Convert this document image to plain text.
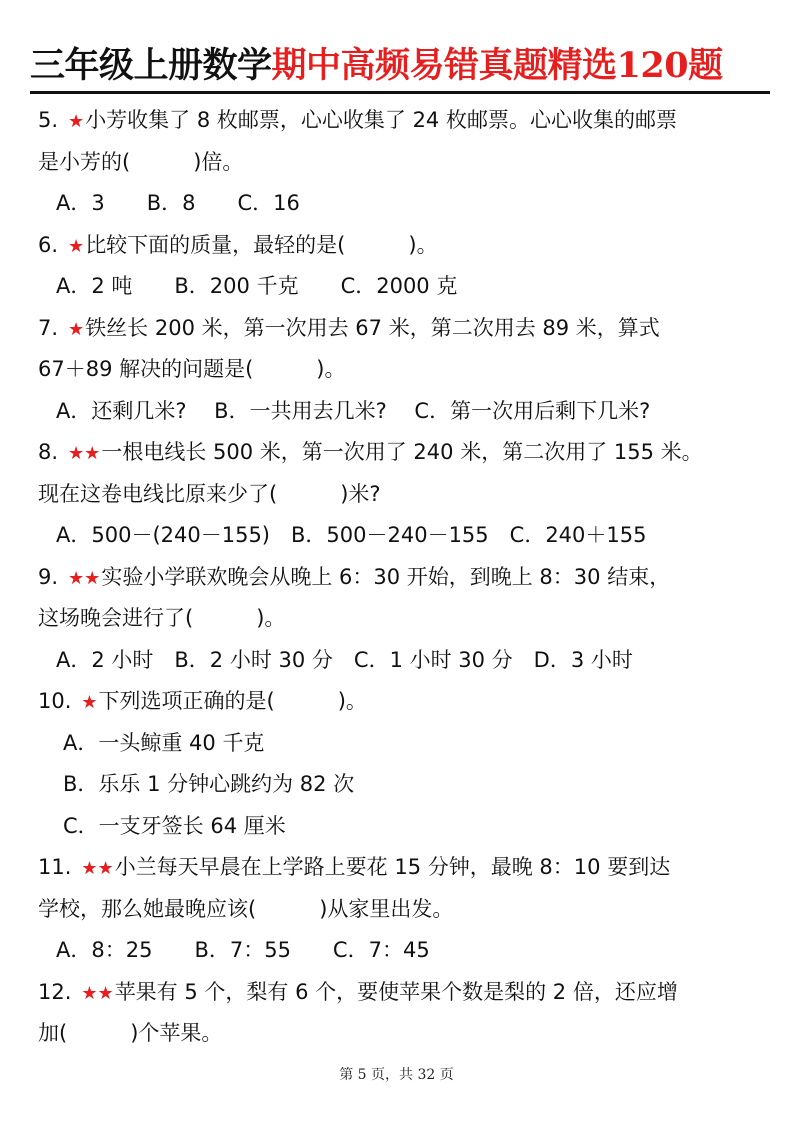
三年级上册数学期中高频易错真题精选120题
5. ★小芳收集了 8 枚邮票，心心收集了 24 枚邮票。心心收集的邮票
是小芳的(　　　)倍。
A．3　　B．8　　C．16
6. ★比较下面的质量，最轻的是(　　　)。
A．2 吨　　B．200 千克　　C．2000 克
7. ★铁丝长 200 米，第一次用去 67 米，第二次用去 89 米，算式
67＋89 解决的问题是(　　　)。
A．还剩几米?　 B．一共用去几米?　 C．第一次用后剩下几米?
8. ★★一根电线长 500 米，第一次用了 240 米，第二次用了 155 米。
现在这卷电线比原来少了(　　　)米?
A．500－(240－155)　B．500－240－155　C．240＋155
9. ★★实验小学联欢晚会从晚上 6：30 开始，到晚上 8：30 结束，
这场晚会进行了(　　　)。
A．2 小时　B．2 小时 30 分　C．1 小时 30 分　D．3 小时
10. ★下列选项正确的是(　　　)。
A．一头鲸重 40 千克
B．乐乐 1 分钟心跳约为 82 次
C．一支牙签长 64 厘米
11. ★★小兰每天早晨在上学路上要花 15 分钟，最晚 8：10 要到达
学校，那么她最晚应该(　　　)从家里出发。
A．8：25　　B．7：55　　C．7：45
12. ★★苹果有 5 个，梨有 6 个，要使苹果个数是梨的 2 倍，还应增
加(　　　)个苹果。
第 5 页，共 32 页
